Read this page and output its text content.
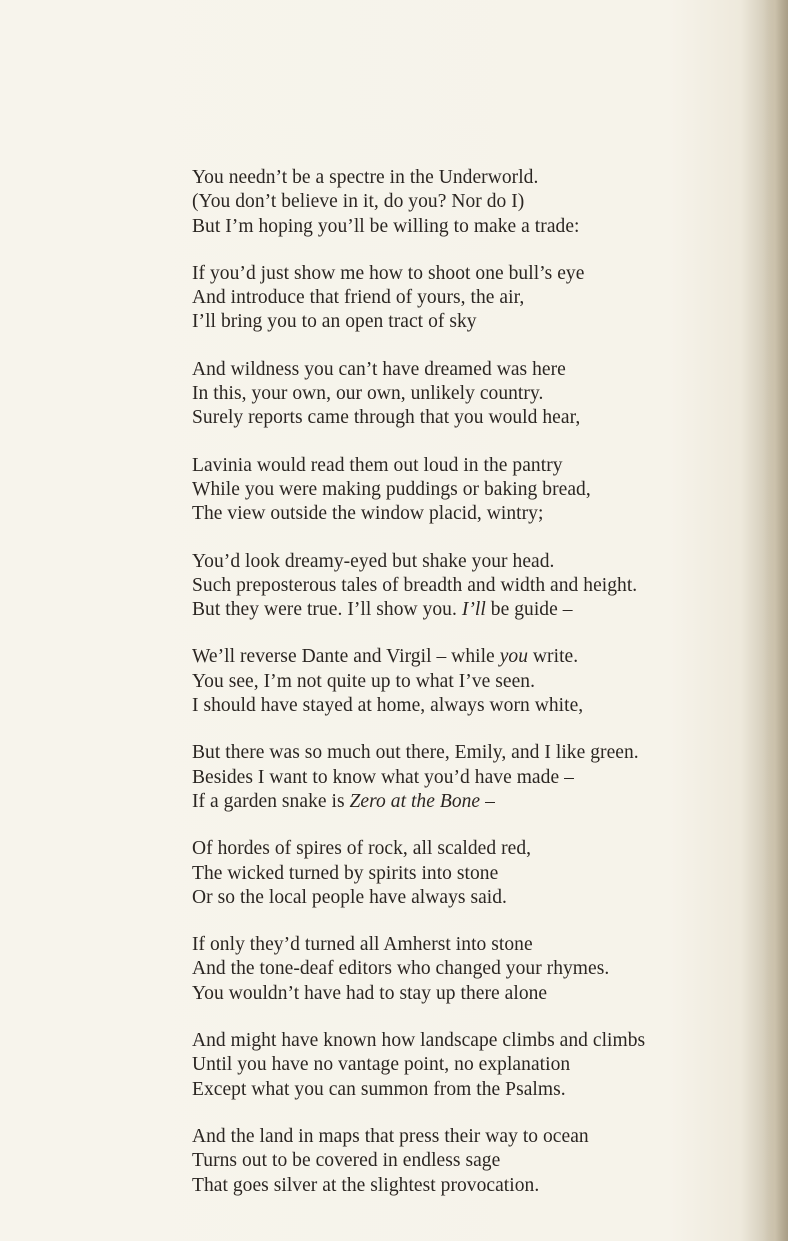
You needn’t be a spectre in the Underworld.
(You don’t believe in it, do you? Nor do I)
But I’m hoping you’ll be willing to make a trade:
If you’d just show me how to shoot one bull’s eye
And introduce that friend of yours, the air,
I’ll bring you to an open tract of sky
And wildness you can’t have dreamed was here
In this, your own, our own, unlikely country.
Surely reports came through that you would hear,
Lavinia would read them out loud in the pantry
While you were making puddings or baking bread,
The view outside the window placid, wintry;
You’d look dreamy-eyed but shake your head.
Such preposterous tales of breadth and width and height.
But they were true. I’ll show you. I’ll be guide –
We’ll reverse Dante and Virgil – while you write.
You see, I’m not quite up to what I’ve seen.
I should have stayed at home, always worn white,
But there was so much out there, Emily, and I like green.
Besides I want to know what you’d have made –
If a garden snake is Zero at the Bone –
Of hordes of spires of rock, all scalded red,
The wicked turned by spirits into stone
Or so the local people have always said.
If only they’d turned all Amherst into stone
And the tone-deaf editors who changed your rhymes.
You wouldn’t have had to stay up there alone
And might have known how landscape climbs and climbs
Until you have no vantage point, no explanation
Except what you can summon from the Psalms.
And the land in maps that press their way to ocean
Turns out to be covered in endless sage
That goes silver at the slightest provocation.
